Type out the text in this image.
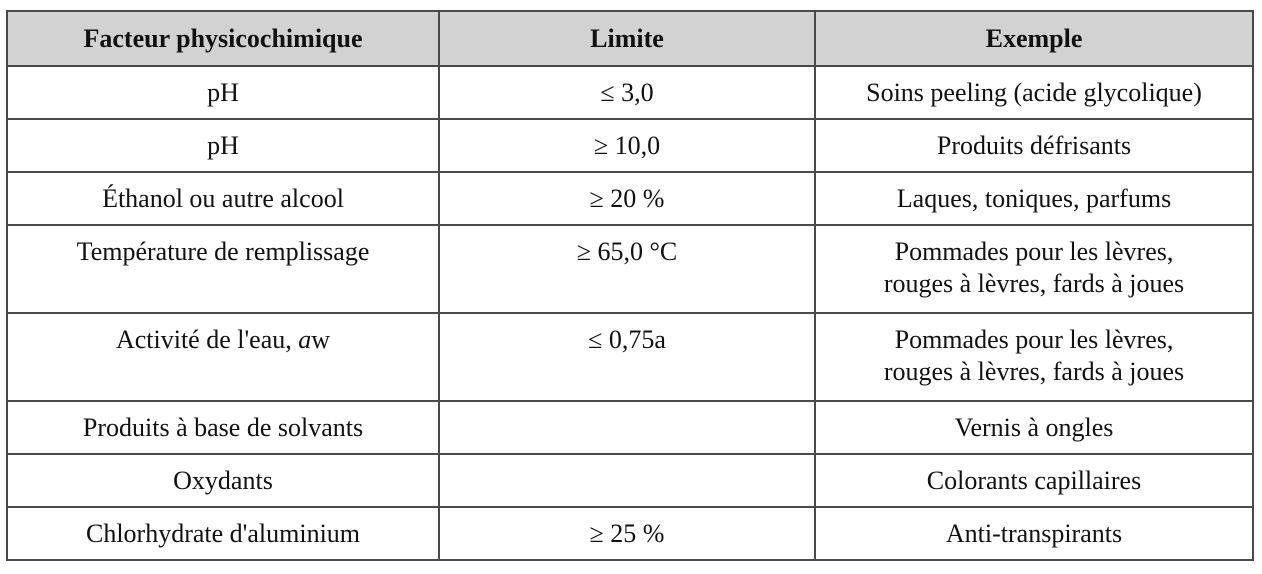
Facteur physicochimique	Limite	Exemple
pH	≤ 3,0	Soins peeling (acide glycolique)

pH	≥ 10,0	Produits défrisants

Éthanol ou autre alcool	≥ 20 %	Laques, toniques, parfums

Température de remplissage	≥ 65,0 °C	Pommades pour les lèvres,
rouges à lèvres, fards à joues

Activité de l'eau, aw	≤ 0,75a	Pommades pour les lèvres,
rouges à lèvres, fards à joues

Produits à base de solvants		Vernis à ongles

Oxydants		Colorants capillaires

Chlorhydrate d'aluminium	≥ 25 %	Anti-transpirants
